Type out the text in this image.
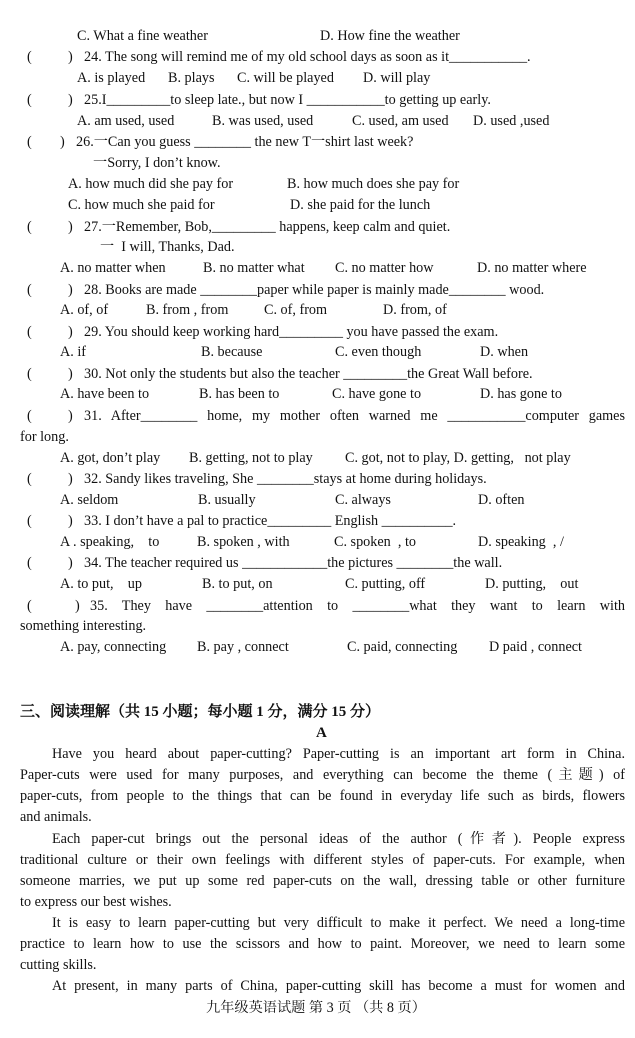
C. What a fine weather	D. How fine the weather
(	) 24. The song will remind me of my old school days as soon as it___________.
A. is played B. plays C. will be played D. will play
(	) 25.I_________to sleep late., but now I ___________to getting up early.
A. am used, used	B. was used, used	C. used, am used D. used ,used
( ) 26.一Can you guess ________ the new T一shirt last week?
一Sorry, I don’t know.
A. how much did she pay for	B. how much does she pay for
C. how much she paid for	D. she paid for the lunch
(	) 27.一Remember, Bob,_________ happens, keep calm and quiet.
一  I will, Thanks, Dad.
A. no matter when	B. no matter what C. no matter how	D. no matter where
(	) 28. Books are made ________paper while paper is mainly made________ wood.
A. of, of	B. from , from	C. of, from	D. from, of
(	) 29. You should keep working hard_________ you have passed the exam.
A. if	B. because	C. even though	D. when
(	) 30. Not only the students but also the teacher _________the Great Wall before.
A. have been to	B. has been to	C. have gone to	D. has gone to
(	) 31. After________ home, my mother often warned me ___________computer games
for long.
A. got, don’t play B. getting, not to play C. got, not to play, D. getting,   not play
(	) 32. Sandy likes traveling, She ________stays at home during holidays.
A. seldom	B. usually	C. always	D. often
(	) 33. I don’t have a pal to practice_________ English __________.
A . speaking,    to	B. spoken , with	C. spoken  , to	D. speaking  , /
(	) 34. The teacher required us ____________the pictures ________the wall.
A. to put,    up	B. to put, on	C. putting, off	D. putting,    out
(	) 35. They have ________attention to ________what they want to learn with
something interesting.
A. pay, connecting B. pay , connect	C. paid, connecting D paid , connect
三、阅读理解（共 15 小题；每小题 1 分，满分 15 分）
A
Have you heard about paper-cutting? Paper-cutting is an important art form in China.
Paper-cuts were used for many purposes, and everything can become the theme (主题) of
paper-cuts, from people to the things that can be found in everyday life such as birds, flowers
and animals.
Each paper-cut brings out the personal ideas of the author (作者). People express
traditional culture or their own feelings with different styles of paper-cuts. For example, when
someone marries, we put up some red paper-cuts on the wall, dressing table or other furniture
to express our best wishes.
It is easy to learn paper-cutting but very difficult to make it perfect. We need a long-time
practice to learn how to use the scissors and how to paint. Moreover, we need to learn some
cutting skills.
At present, in many parts of China, paper-cutting skill has become a must for women and
九年级英语试题 第 3 页 （共 8 页）
